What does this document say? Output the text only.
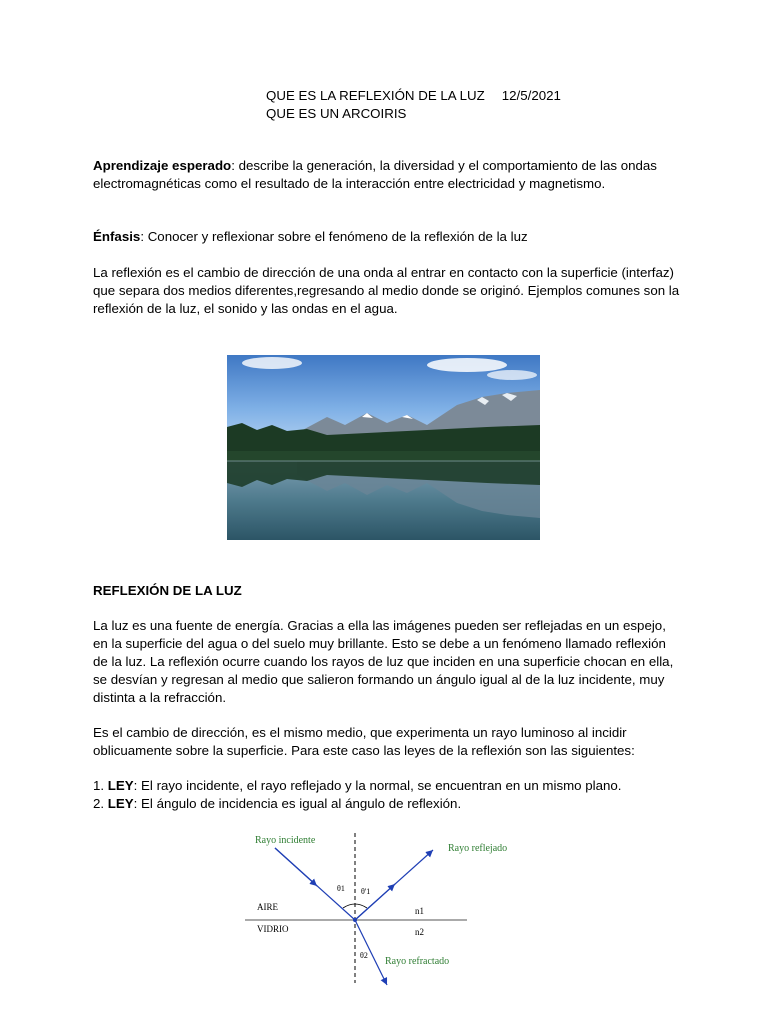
QUE ES LA REFLEXIÓN DE LA LUZ 12/5/2021
QUE ES UN ARCOIRIS

Aprendizaje esperado: describe la generación, la diversidad y el comportamiento de las ondas electromagnéticas como el resultado de la interacción entre electricidad y magnetismo.

Énfasis: Conocer y reflexionar sobre el fenómeno de la reflexión de la luz

La reflexión es el cambio de dirección de una onda al entrar en contacto con la superficie (interfaz) que separa dos medios diferentes,regresando al medio donde se originó. Ejemplos comunes son la reflexión de la luz, el sonido y las ondas en el agua.

REFLEXIÓN DE LA LUZ

La luz es una fuente de energía. Gracias a ella las imágenes pueden ser reflejadas en un espejo, en la superficie del agua o del suelo muy brillante. Esto se debe a un fenómeno llamado reflexión de la luz. La reflexión ocurre cuando los rayos de luz que inciden en una superficie chocan en ella, se desvían y regresan al medio que salieron formando un ángulo igual al de la luz incidente, muy distinta a la refracción.

Es el cambio de dirección, es el mismo medio, que experimenta un rayo luminoso al incidir oblicuamente sobre la superficie. Para este caso las leyes de la reflexión son las siguientes:

1. LEY: El rayo incidente, el rayo reflejado y la normal, se encuentran en un mismo plano.
2. LEY: El ángulo de incidencia es igual al ángulo de reflexión.
Rayo incidente
Rayo reflejado
Rayo refractado
AIRE
VIDRIO
n1
n2
θ1 θ'1
θ2
